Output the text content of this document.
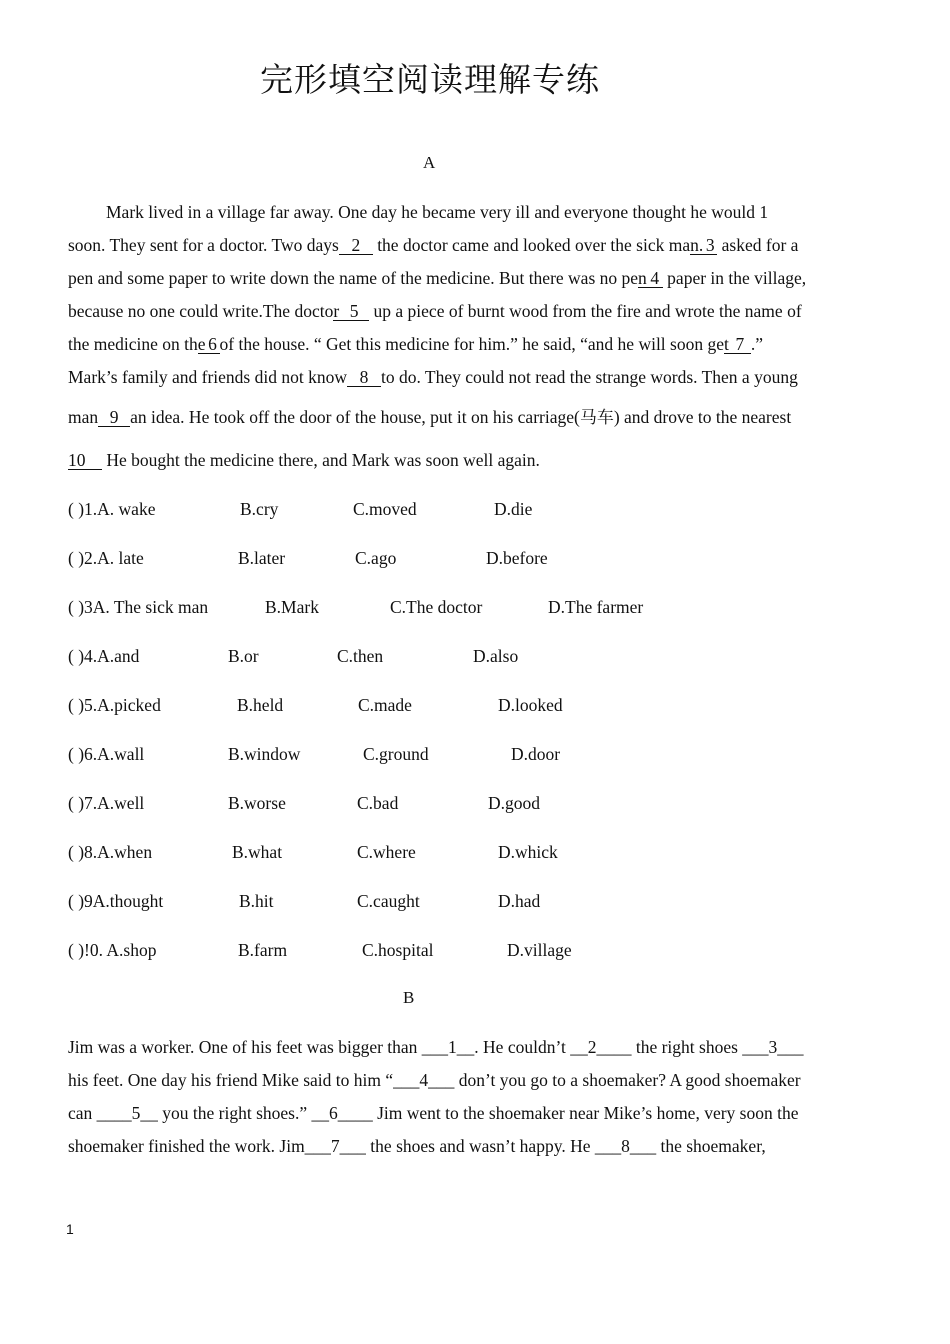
完形填空阅读理解专练
A
Mark lived in a village far away. One day he became very ill and everyone thought he would 1
soon. They sent for a doctor. Two days 2 the doctor came and looked over the sick man.3 asked for a
pen and some paper to write down the name of the medicine. But there was no pen 4 paper in the village,
because no one could write.The doctor 5 up a piece of burnt wood from the fire and wrote the name of
the medicine on the 6 of the house. “ Get this medicine for him.” he said, “and he will soon get 7 .”
Mark’s family and friends did not know 8 to do. They could not read the strange words. Then a young
man 9 an idea. He took off the door of the house, put it on his carriage(马车) and drove to the nearest
10 He bought the medicine there, and Mark was soon well again.
( )1.A. wake	B.cry	C.moved	D.die
( )2.A. late	B.later	C.ago	D.before
( )3A. The sick man	B.Mark	C.The doctor	D.The farmer
( )4.A.and	B.or	C.then	D.also
( )5.A.picked	B.held	C.made	D.looked
( )6.A.wall	B.window	C.ground	D.door
( )7.A.well	B.worse	C.bad	D.good
( )8.A.when	B.what	C.where	D.whick
( )9A.thought	B.hit	C.caught	D.had
( )!0. A.shop	B.farm	C.hospital	D.village
B
Jim was a worker. One of his feet was bigger than ___1__. He couldn’t __2____ the right shoes ___3___
his feet. One day his friend Mike said to him “___4___ don’t you go to a shoemaker? A good shoemaker
can ____5__ you the right shoes.” __6____ Jim went to the shoemaker near Mike’s home, very soon the
shoemaker finished the work. Jim___7___ the shoes and wasn’t happy. He ___8___ the shoemaker,
1
